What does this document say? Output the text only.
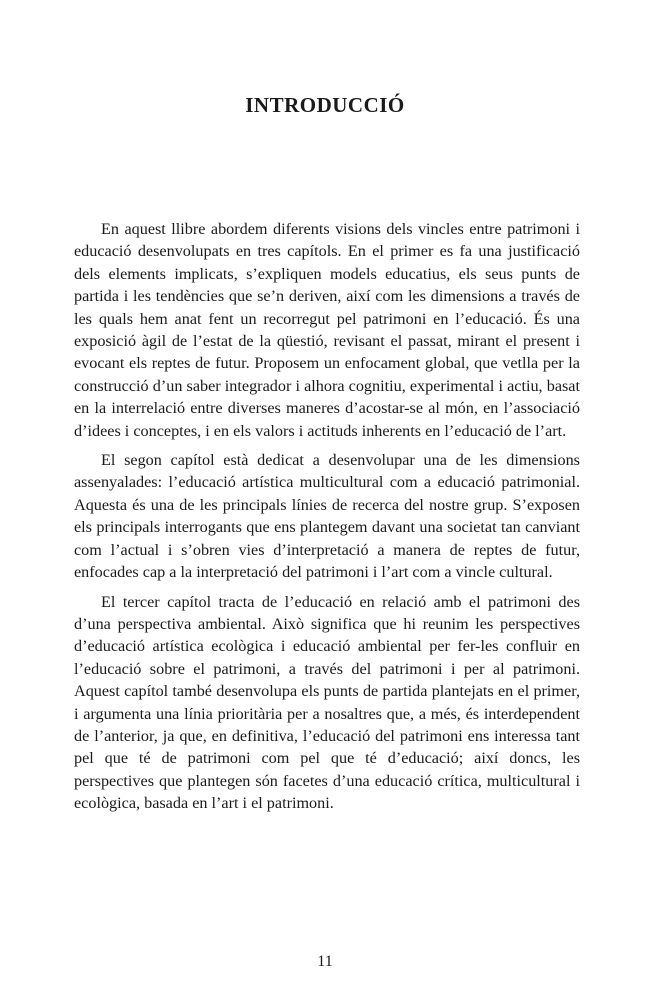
INTRODUCCIÓ

En aquest llibre abordem diferents visions dels vincles entre patrimoni i educació desenvolupats en tres capítols. En el primer es fa una justificació dels elements implicats, s’expliquen models educatius, els seus punts de partida i les tendències que se’n deriven, així com les dimensions a través de les quals hem anat fent un recorregut pel patrimoni en l’educació. És una exposició àgil de l’estat de la qüestió, revisant el passat, mirant el present i evocant els reptes de futur. Proposem un enfocament global, que vetlla per la construcció d’un saber integrador i alhora cognitiu, experimental i actiu, basat en la interrelació entre diverses maneres d’acostar-se al món, en l’associació d’idees i conceptes, i en els valors i actituds inherents en l’educació de l’art.

El segon capítol està dedicat a desenvolupar una de les dimensions assenyalades: l’educació artística multicultural com a educació patrimonial. Aquesta és una de les principals línies de recerca del nostre grup. S’exposen els principals interrogants que ens plantegem davant una societat tan canviant com l’actual i s’obren vies d’interpretació a manera de reptes de futur, enfocades cap a la interpretació del patrimoni i l’art com a vincle cultural.

El tercer capítol tracta de l’educació en relació amb el patrimoni des d’una perspectiva ambiental. Això significa que hi reunim les perspectives d’educació artística ecològica i educació ambiental per fer-les confluir en l’educació sobre el patrimoni, a través del patrimoni i per al patrimoni. Aquest capítol també desenvolupa els punts de partida plantejats en el primer, i argumenta una línia prioritària per a nosaltres que, a més, és interdependent de l’anterior, ja que, en definitiva, l’educació del patrimoni ens interessa tant pel que té de patrimoni com pel que té d’educació; així doncs, les perspectives que plantegen són facetes d’una educació crítica, multicultural i ecològica, basada en l’art i el patrimoni.

11
